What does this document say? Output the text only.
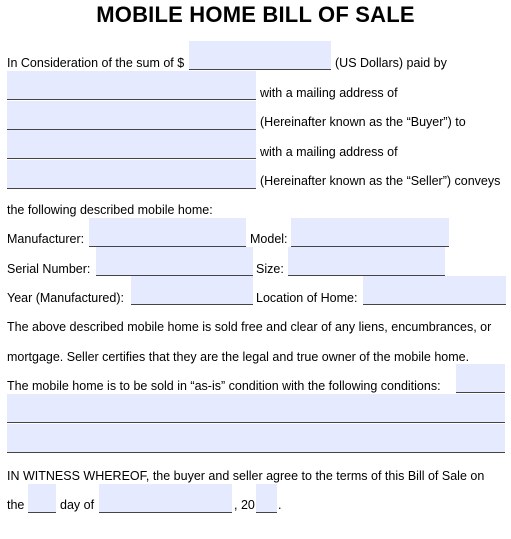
MOBILE HOME BILL OF SALE
In Consideration of the sum of $	(US Dollars) paid by
with a mailing address of
(Hereinafter known as the “Buyer”) to
with a mailing address of
(Hereinafter known as the “Seller”) conveys
the following described mobile home:
Manufacturer:	Model:
Serial Number:	Size:
Year (Manufactured):	Location of Home:
The above described mobile home is sold free and clear of any liens, encumbrances, or
mortgage. Seller certifies that they are the legal and true owner of the mobile home.
The mobile home is to be sold in “as-is” condition with the following conditions:
IN WITNESS WHEREOF, the buyer and seller agree to the terms of this Bill of Sale on
the	day of	, 20 .
